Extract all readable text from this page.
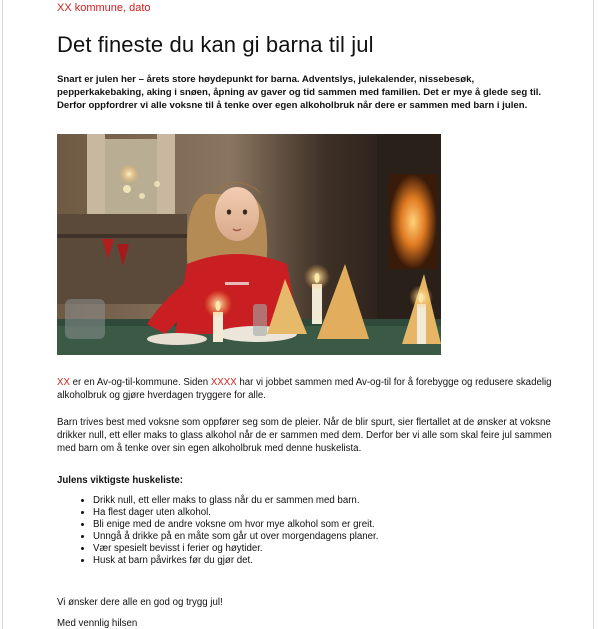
XX kommune, dato
Det fineste du kan gi barna til jul

Snart er julen her – årets store høydepunkt for barna. Adventslys, julekalender, nissebesøk, pepperkakebaking, aking i snøen, åpning av gaver og tid sammen med familien. Det er mye å glede seg til. Derfor oppfordrer vi alle voksne til å tenke over egen alkoholbruk når dere er sammen med barn i julen.

XX er en Av-og-til-kommune. Siden XXXX har vi jobbet sammen med Av-og-til for å forebygge og redusere skadelig alkoholbruk og gjøre hverdagen tryggere for alle.

Barn trives best med voksne som oppfører seg som de pleier. Når de blir spurt, sier flertallet at de ønsker at voksne drikker null, ett eller maks to glass alkohol når de er sammen med dem. Derfor ber vi alle som skal feire jul sammen med barn om å tenke over sin egen alkoholbruk med denne huskelista.

Julens viktigste huskeliste:

• Drikk null, ett eller maks to glass når du er sammen med barn.
• Ha flest dager uten alkohol.
• Bli enige med de andre voksne om hvor mye alkohol som er greit.
• Unngå å drikke på en måte som går ut over morgendagens planer.
• Vær spesielt bevisst i ferier og høytider.
• Husk at barn påvirkes før du gjør det.

Vi ønsker dere alle en god og trygg jul!

Med vennlig hilsen
